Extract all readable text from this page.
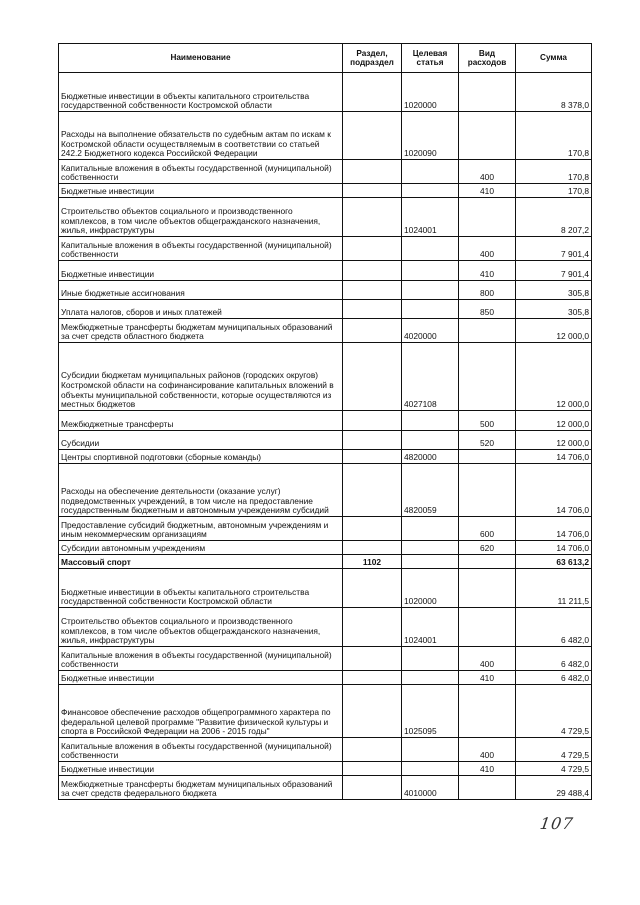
Наименование	Раздел, подраздел	Целевая статья	Вид расходов	Сумма
Бюджетные инвестиции в объекты капитального строительства государственной собственности Костромской области		1020000		8 378,0
Расходы на выполнение обязательств по судебным актам по искам к Костромской области осуществляемым в соответствии со статьей 242.2 Бюджетного кодекса Российской Федерации		1020090		170,8
Капитальные вложения в объекты государственной (муниципальной) собственности			400	170,8
Бюджетные инвестиции			410	170,8
Строительство объектов социального и производственного комплексов, в том числе объектов общегражданского назначения, жилья, инфраструктуры		1024001		8 207,2
Капитальные вложения в объекты государственной (муниципальной) собственности			400	7 901,4
Бюджетные инвестиции			410	7 901,4
Иные бюджетные ассигнования			800	305,8
Уплата налогов, сборов и иных платежей			850	305,8
Межбюджетные трансферты бюджетам муниципальных образований за счет средств областного бюджета		4020000		12 000,0
Субсидии бюджетам муниципальных районов (городских округов) Костромской области на софинансирование капитальных вложений в объекты муниципальной собственности, которые осуществляются из местных бюджетов		4027108		12 000,0
Межбюджетные трансферты			500	12 000,0
Субсидии			520	12 000,0
Центры спортивной подготовки (сборные команды)		4820000		14 706,0
Расходы на обеспечение деятельности (оказание услуг) подведомственных учреждений, в том числе на предоставление государственным бюджетным и автономным учреждениям субсидий		4820059		14 706,0
Предоставление субсидий бюджетным, автономным учреждениям и иным некоммерческим организациям			600	14 706,0
Субсидии автономным учреждениям			620	14 706,0
Массовый спорт	1102			63 613,2
Бюджетные инвестиции в объекты капитального строительства государственной собственности Костромской области		1020000		11 211,5
Строительство объектов социального и производственного комплексов, в том числе объектов общегражданского назначения, жилья, инфраструктуры		1024001		6 482,0
Капитальные вложения в объекты государственной (муниципальной) собственности			400	6 482,0
Бюджетные инвестиции			410	6 482,0
Финансовое обеспечение расходов общепрограммного характера по федеральной целевой программе "Развитие физической культуры и спорта в Российской Федерации на 2006 - 2015 годы"		1025095		4 729,5
Капитальные вложения в объекты государственной (муниципальной) собственности			400	4 729,5
Бюджетные инвестиции			410	4 729,5
Межбюджетные трансферты бюджетам муниципальных образований за счет средств федерального бюджета		4010000		29 488,4
107
